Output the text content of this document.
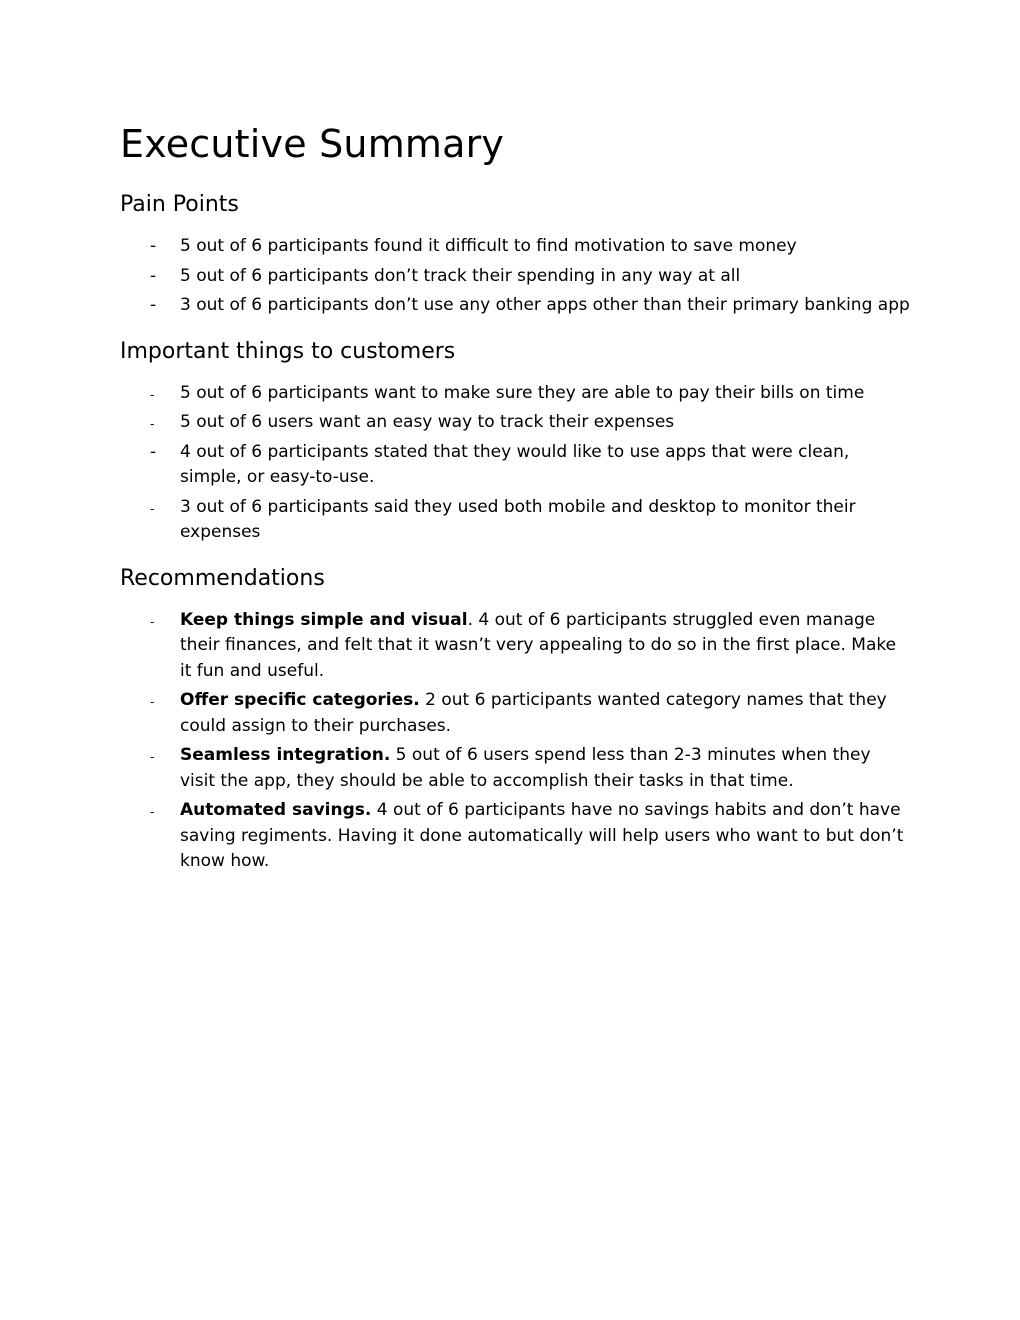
Executive Summary
Pain Points
-	5 out of 6 participants found it difficult to find motivation to save money
-	5 out of 6 participants don’t track their spending in any way at all
-	3 out of 6 participants don’t use any other apps other than their primary banking app
Important things to customers
-	5 out of 6 participants want to make sure they are able to pay their bills on time
-	5 out of 6 users want an easy way to track their expenses
-	4 out of 6 participants stated that they would like to use apps that were clean, simple, or easy-to-use.
-	3 out of 6 participants said they used both mobile and desktop to monitor their expenses
Recommendations
-	Keep things simple and visual. 4 out of 6 participants struggled even manage their finances, and felt that it wasn’t very appealing to do so in the first place. Make it fun and useful.
-	Offer specific categories. 2 out 6 participants wanted category names that they could assign to their purchases.
-	Seamless integration. 5 out of 6 users spend less than 2-3 minutes when they visit the app, they should be able to accomplish their tasks in that time.
-	Automated savings. 4 out of 6 participants have no savings habits and don’t have saving regiments. Having it done automatically will help users who want to but don’t know how.
